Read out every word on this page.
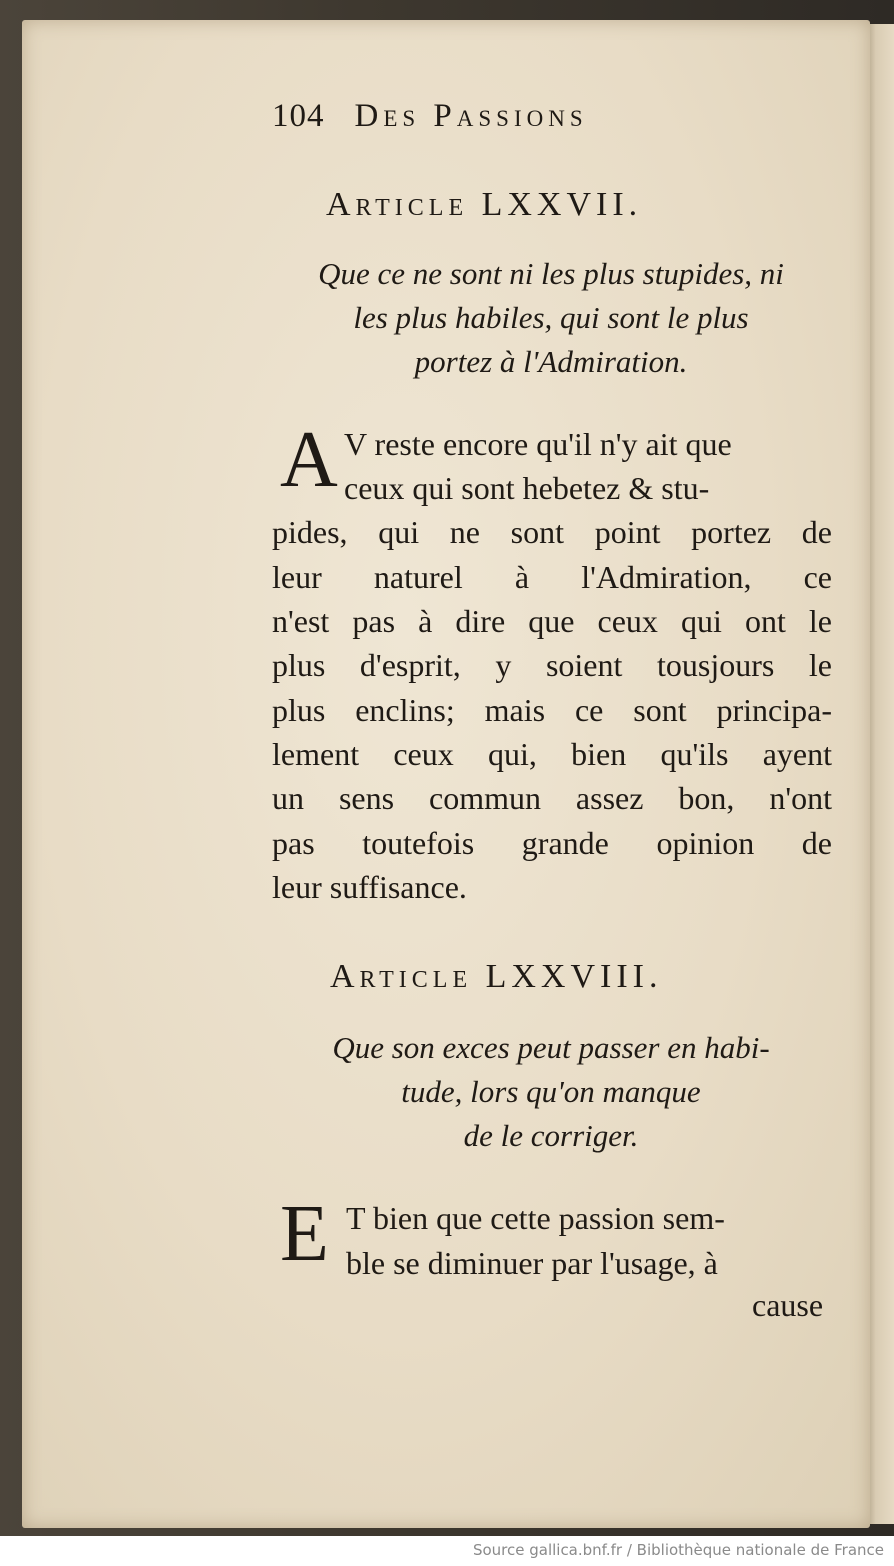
104 Des Passions
Article LXXVII.
Que ce ne sont ni les plus stupides, ni
les plus habiles, qui sont le plus
portez à l'Admiration.
A V reste encore qu'il n'y ait que
ceux qui sont hebetez & stu-
pides, qui ne sont point portez de
leur naturel à l'Admiration, ce
n'est pas à dire que ceux qui ont le
plus d'esprit, y soient tousjours le
plus enclins; mais ce sont principa-
lement ceux qui, bien qu'ils ayent
un sens commun assez bon, n'ont
pas toutefois grande opinion de
leur suffisance.
Article LXXVIII.
Que son exces peut passer en habi-
tude, lors qu'on manque
de le corriger.
E T bien que cette passion sem-
ble se diminuer par l'usage, à
cause
Source gallica.bnf.fr / Bibliothèque nationale de France
